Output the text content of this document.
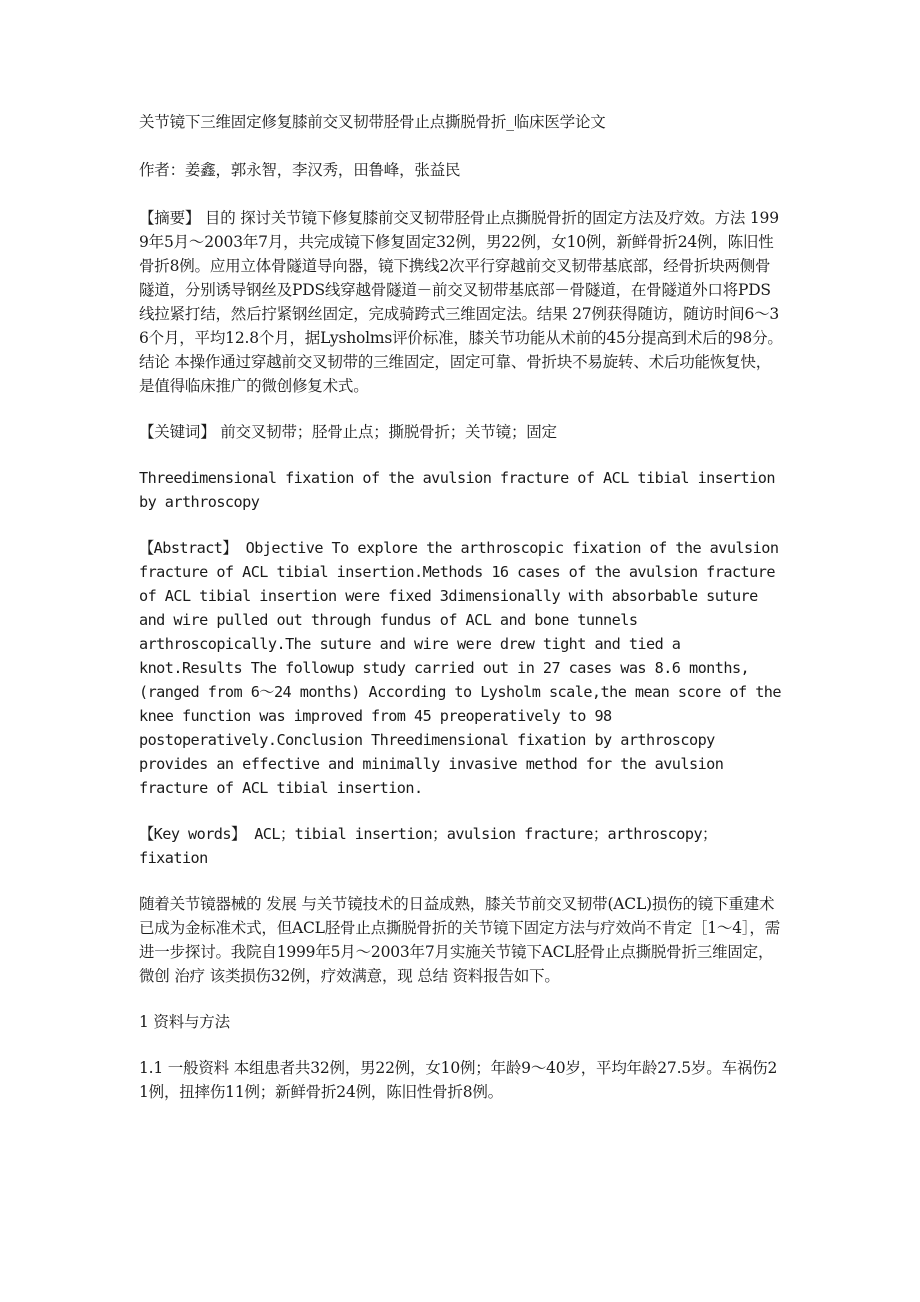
关节镜下三维固定修复膝前交叉韧带胫骨止点撕脱骨折_临床医学论文

作者：姜鑫，郭永智，李汉秀，田鲁峰，张益民

【摘要】 目的 探讨关节镜下修复膝前交叉韧带胫骨止点撕脱骨折的固定方法及疗效。方法 1999年5月～2003年7月，共完成镜下修复固定32例，男22例，女10例，新鲜骨折24例，陈旧性骨折8例。应用立体骨隧道导向器，镜下携线2次平行穿越前交叉韧带基底部，经骨折块两侧骨隧道，分别诱导钢丝及PDS线穿越骨隧道－前交叉韧带基底部－骨隧道，在骨隧道外口将PDS线拉紧打结，然后拧紧钢丝固定，完成骑跨式三维固定法。结果 27例获得随访，随访时间6～36个月，平均12.8个月，据Lysholms评价标准，膝关节功能从术前的45分提高到术后的98分。结论 本操作通过穿越前交叉韧带的三维固定，固定可靠、骨折块不易旋转、术后功能恢复快，是值得临床推广的微创修复术式。

【关键词】 前交叉韧带；胫骨止点；撕脱骨折；关节镜；固定

Threedimensional fixation of the avulsion fracture of ACL tibial insertion by arthroscopy

【Abstract】 Objective To explore the arthroscopic fixation of the avulsion fracture of ACL tibial insertion.Methods 16 cases of the avulsion fracture of ACL tibial insertion were fixed 3dimensionally with absorbable suture and wire pulled out through fundus of ACL and bone tunnels arthroscopically.The suture and wire were drew tight and tied a knot.Results The followup study carried out in 27 cases was 8.6 months,(ranged from 6～24 months) According to Lysholm scale,the mean score of the knee function was improved from 45 preoperatively to 98 postoperatively.Conclusion Threedimensional fixation by arthroscopy provides an effective and minimally invasive method for the avulsion fracture of ACL tibial insertion.

【Key words】 ACL；tibial insertion；avulsion fracture；arthroscopy；fixation

随着关节镜器械的 发展 与关节镜技术的日益成熟，膝关节前交叉韧带(ACL)损伤的镜下重建术已成为金标准术式，但ACL胫骨止点撕脱骨折的关节镜下固定方法与疗效尚不肯定［1～4］，需进一步探讨。我院自1999年5月～2003年7月实施关节镜下ACL胫骨止点撕脱骨折三维固定，微创 治疗 该类损伤32例，疗效满意，现 总结 资料报告如下。

1 资料与方法

1.1 一般资料 本组患者共32例，男22例，女10例；年龄9～40岁，平均年龄27.5岁。车祸伤21例，扭摔伤11例；新鲜骨折24例，陈旧性骨折8例。
